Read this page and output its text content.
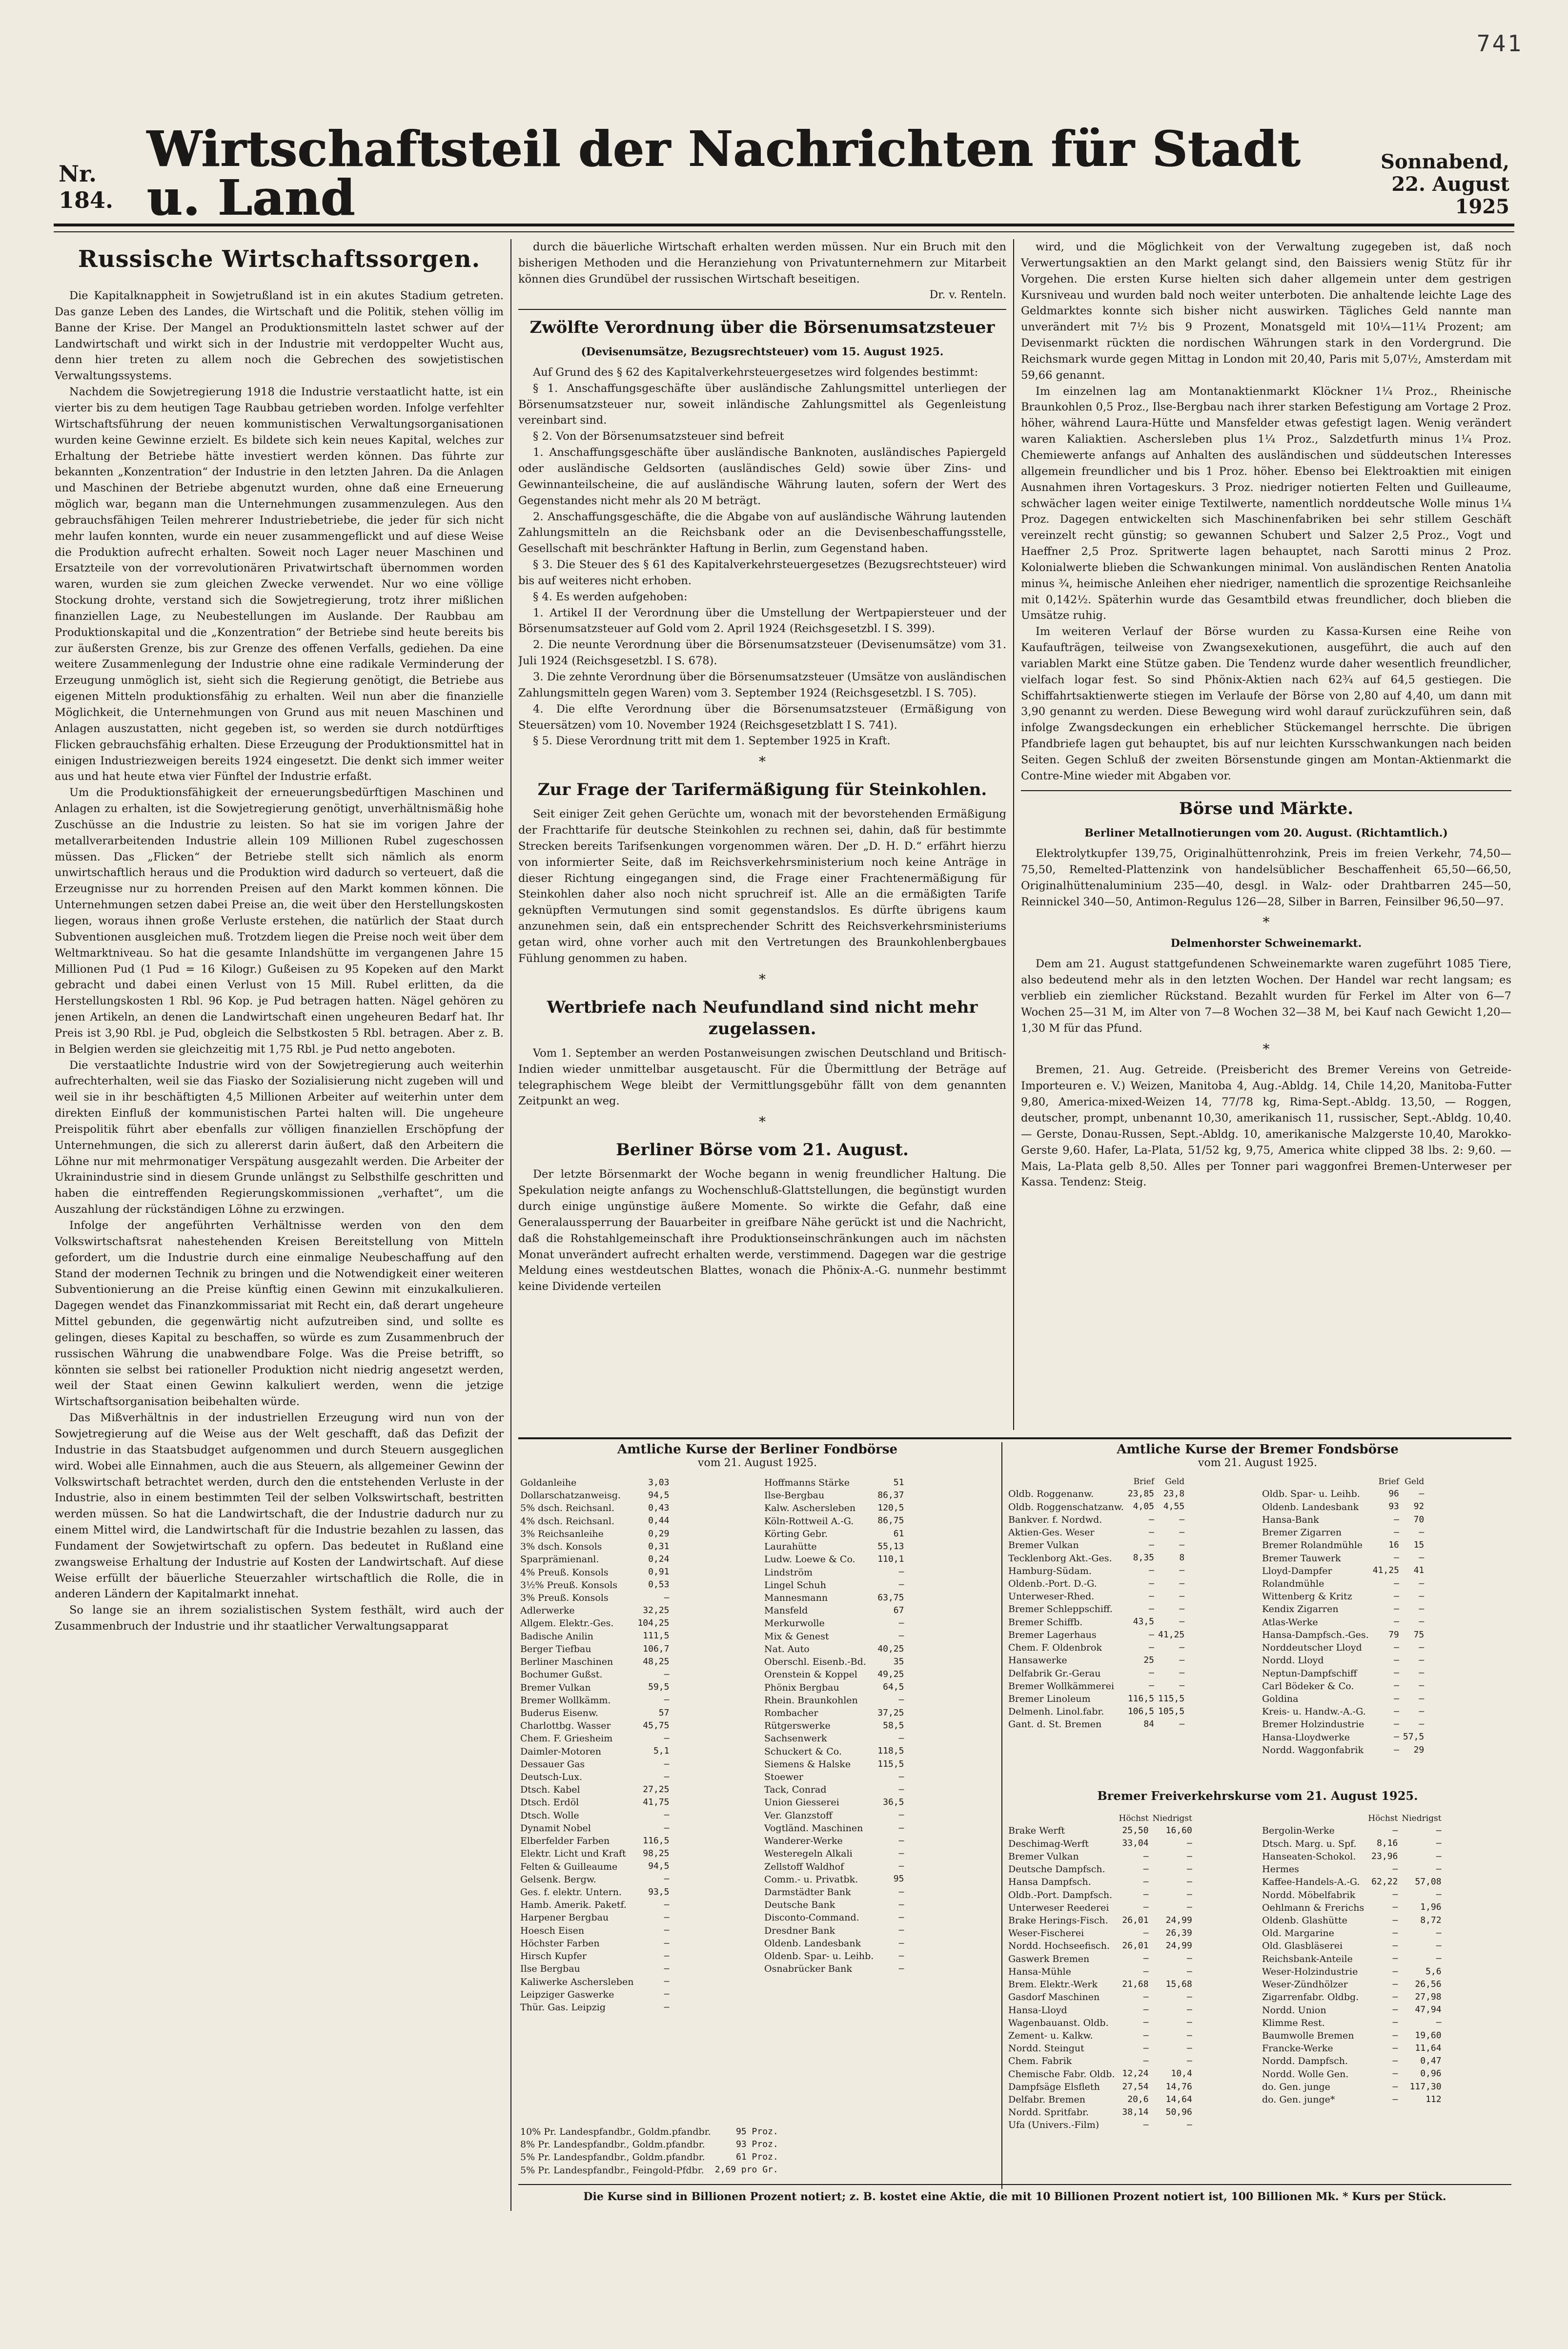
741
Nr. 184.
Wirtschaftsteil der Nachrichten für Stadt u. Land
Sonnabend,
22. August 1925
Russische Wirtschaftssorgen.

Die Kapitalknappheit in Sowjetrußland ist in ein akutes Stadium getreten. Das ganze Leben des Landes, die Wirtschaft und die Politik, stehen völlig im Banne der Krise. Der Mangel an Produktionsmitteln lastet schwer auf der Landwirtschaft und wirkt sich in der Industrie mit verdoppelter Wucht aus, denn hier treten zu allem noch die Gebrechen des sowjetistischen Verwaltungssystems.

Nachdem die Sowjetregierung 1918 die Industrie verstaatlicht hatte, ist ein vierter bis zu dem heutigen Tage Raubbau getrieben worden. Infolge verfehlter Wirtschaftsführung der neuen kommunistischen Verwaltungsorganisationen wurden keine Gewinne erzielt. Es bildete sich kein neues Kapital, welches zur Erhaltung der Betriebe hätte investiert werden können. Das führte zur bekannten „Konzentration“ der Industrie in den letzten Jahren. Da die Anlagen und Maschinen der Betriebe abgenutzt wurden, ohne daß eine Erneuerung möglich war, begann man die Unternehmungen zusammenzulegen. Aus den gebrauchsfähigen Teilen mehrerer Industriebetriebe, die jeder für sich nicht mehr laufen konnten, wurde ein neuer zusammengeflickt und auf diese Weise die Produktion aufrecht erhalten. Soweit noch Lager neuer Maschinen und Ersatzteile von der vorrevolutionären Privatwirtschaft übernommen worden waren, wurden sie zum gleichen Zwecke verwendet. Nur wo eine völlige Stockung drohte, verstand sich die Sowjetregierung, trotz ihrer mißlichen finanziellen Lage, zu Neubestellungen im Auslande. Der Raubbau am Produktionskapital und die „Konzentration“ der Betriebe sind heute bereits bis zur äußersten Grenze, bis zur Grenze des offenen Verfalls, gediehen. Da eine weitere Zusammenlegung der Industrie ohne eine radikale Verminderung der Erzeugung unmöglich ist, sieht sich die Regierung genötigt, die Betriebe aus eigenen Mitteln produktionsfähig zu erhalten. Weil nun aber die finanzielle Möglichkeit, die Unternehmungen von Grund aus mit neuen Maschinen und Anlagen auszustatten, nicht gegeben ist, so werden sie durch notdürftiges Flicken gebrauchsfähig erhalten. Diese Erzeugung der Produktionsmittel hat in einigen Industriezweigen bereits 1924 eingesetzt. Die denkt sich immer weiter aus und hat heute etwa vier Fünftel der Industrie erfaßt.

Um die Produktionsfähigkeit der erneuerungsbedürftigen Maschinen und Anlagen zu erhalten, ist die Sowjetregierung genötigt, unverhältnismäßig hohe Zuschüsse an die Industrie zu leisten. So hat sie im vorigen Jahre der metallverarbeitenden Industrie allein 109 Millionen Rubel zugeschossen müssen. Das „Flicken“ der Betriebe stellt sich nämlich als enorm unwirtschaftlich heraus und die Produktion wird dadurch so verteuert, daß die Erzeugnisse nur zu horrenden Preisen auf den Markt kommen können. Die Unternehmungen setzen dabei Preise an, die weit über den Herstellungskosten liegen, woraus ihnen große Verluste erstehen, die natürlich der Staat durch Subventionen ausgleichen muß. Trotzdem liegen die Preise noch weit über dem Weltmarktniveau. So hat die gesamte Inlandshütte im vergangenen Jahre 15 Millionen Pud (1 Pud = 16 Kilogr.) Gußeisen zu 95 Kopeken auf den Markt gebracht und dabei einen Verlust von 15 Mill. Rubel erlitten, da die Herstellungskosten 1 Rbl. 96 Kop. je Pud betragen hatten. Nägel gehören zu jenen Artikeln, an denen die Landwirtschaft einen ungeheuren Bedarf hat. Ihr Preis ist 3,90 Rbl. je Pud, obgleich die Selbstkosten 5 Rbl. betragen. Aber z. B. in Belgien werden sie gleichzeitig mit 1,75 Rbl. je Pud netto angeboten.

Die verstaatlichte Industrie wird von der Sowjetregierung auch weiterhin aufrechterhalten, weil sie das Fiasko der Sozialisierung nicht zugeben will und weil sie in ihr beschäftigten 4,5 Millionen Arbeiter auf weiterhin unter dem direkten Einfluß der kommunistischen Partei halten will. Die ungeheure Preispolitik führt aber ebenfalls zur völligen finanziellen Erschöpfung der Unternehmungen, die sich zu allererst darin äußert, daß den Arbeitern die Löhne nur mit mehrmonatiger Verspätung ausgezahlt werden. Die Arbeiter der Ukrainindustrie sind in diesem Grunde unlängst zu Selbsthilfe geschritten und haben die eintreffenden Regierungskommissionen „verhaftet“, um die Auszahlung der rückständigen Löhne zu erzwingen.

Infolge der angeführten Verhältnisse werden von den dem Volkswirtschaftsrat nahestehenden Kreisen Bereitstellung von Mitteln gefordert, um die Industrie durch eine einmalige Neubeschaffung auf den Stand der modernen Technik zu bringen und die Notwendigkeit einer weiteren Subventionierung an die Preise künftig einen Gewinn mit einzukalkulieren. Dagegen wendet das Finanzkommissariat mit Recht ein, daß derart ungeheure Mittel gebunden, die gegenwärtig nicht aufzutreiben sind, und sollte es gelingen, dieses Kapital zu beschaffen, so würde es zum Zusammenbruch der russischen Währung die unabwendbare Folge. Was die Preise betrifft, so könnten sie selbst bei rationeller Produktion nicht niedrig angesetzt werden, weil der Staat einen Gewinn kalkuliert werden, wenn die jetzige Wirtschaftsorganisation beibehalten würde.

Das Mißverhältnis in der industriellen Erzeugung wird nun von der Sowjetregierung auf die Weise aus der Welt geschafft, daß das Defizit der Industrie in das Staatsbudget aufgenommen und durch Steuern ausgeglichen wird. Wobei alle Einnahmen, auch die aus Steuern, als allgemeiner Gewinn der Volkswirtschaft betrachtet werden, durch den die entstehenden Verluste in der Industrie, also in einem bestimmten Teil der selben Volkswirtschaft, bestritten werden müssen. So hat die Landwirtschaft, die der Industrie dadurch nur zu einem Mittel wird, die Landwirtschaft für die Industrie bezahlen zu lassen, das Fundament der Sowjetwirtschaft zu opfern. Das bedeutet in Rußland eine zwangsweise Erhaltung der Industrie auf Kosten der Landwirtschaft. Auf diese Weise erfüllt der bäuerliche Steuerzahler wirtschaftlich die Rolle, die in anderen Ländern der Kapitalmarkt innehat.

So lange sie an ihrem sozialistischen System festhält, wird auch der Zusammenbruch der Industrie und ihr staatlicher Verwaltungsapparat

durch die bäuerliche Wirtschaft erhalten werden müssen. Nur ein Bruch mit den bisherigen Methoden und die Heranziehung von Privatunternehmern zur Mitarbeit können dies Grundübel der russischen Wirtschaft beseitigen.

Dr. v. Renteln.
Zwölfte Verordnung über die Börsenumsatzsteuer
(Devisenumsätze, Bezugsrechtsteuer) vom 15. August 1925.

Auf Grund des § 62 des Kapitalverkehrsteuergesetzes wird folgendes bestimmt:

§ 1. Anschaffungsgeschäfte über ausländische Zahlungsmittel unterliegen der Börsenumsatzsteuer nur, soweit inländische Zahlungsmittel als Gegenleistung vereinbart sind.

§ 2. Von der Börsenumsatzsteuer sind befreit

1. Anschaffungsgeschäfte über ausländische Banknoten, ausländisches Papiergeld oder ausländische Geldsorten (ausländisches Geld) sowie über Zins- und Gewinnanteilscheine, die auf ausländische Währung lauten, sofern der Wert des Gegenstandes nicht mehr als 20 M beträgt.

2. Anschaffungsgeschäfte, die die Abgabe von auf ausländische Währung lautenden Zahlungsmitteln an die Reichsbank oder an die Devisenbeschaffungsstelle, Gesellschaft mit beschränkter Haftung in Berlin, zum Gegenstand haben.

§ 3. Die Steuer des § 61 des Kapitalverkehrsteuergesetzes (Bezugsrechtsteuer) wird bis auf weiteres nicht erhoben.

§ 4. Es werden aufgehoben:

1. Artikel II der Verordnung über die Umstellung der Wertpapiersteuer und der Börsenumsatzsteuer auf Gold vom 2. April 1924 (Reichsgesetzbl. I S. 399).

2. Die neunte Verordnung über die Börsenumsatzsteuer (Devisenumsätze) vom 31. Juli 1924 (Reichsgesetzbl. I S. 678).

3. Die zehnte Verordnung über die Börsenumsatzsteuer (Umsätze von ausländischen Zahlungsmitteln gegen Waren) vom 3. September 1924 (Reichsgesetzbl. I S. 705).

4. Die elfte Verordnung über die Börsenumsatzsteuer (Ermäßigung von Steuersätzen) vom 10. November 1924 (Reichsgesetzblatt I S. 741).

§ 5. Diese Verordnung tritt mit dem 1. September 1925 in Kraft.

*
Zur Frage der Tarifermäßigung für Steinkohlen.

Seit einiger Zeit gehen Gerüchte um, wonach mit der bevorstehenden Ermäßigung der Frachttarife für deutsche Steinkohlen zu rechnen sei, dahin, daß für bestimmte Strecken bereits Tarifsenkungen vorgenommen wären. Der „D. H. D.“ erfährt hierzu von informierter Seite, daß im Reichsverkehrsministerium noch keine Anträge in dieser Richtung eingegangen sind, die Frage einer Frachtenermäßigung für Steinkohlen daher also noch nicht spruchreif ist. Alle an die ermäßigten Tarife geknüpften Vermutungen sind somit gegenstandslos. Es dürfte übrigens kaum anzunehmen sein, daß ein entsprechender Schritt des Reichsverkehrsministeriums getan wird, ohne vorher auch mit den Vertretungen des Braunkohlenbergbaues Fühlung genommen zu haben.

*
Wertbriefe nach Neufundland sind nicht mehr zugelassen.

Vom 1. September an werden Postanweisungen zwischen Deutschland und Britisch-Indien wieder unmittelbar ausgetauscht. Für die Übermittlung der Beträge auf telegraphischem Wege bleibt der Vermittlungsgebühr fällt von dem genannten Zeitpunkt an weg.

*
Berliner Börse vom 21. August.

Der letzte Börsenmarkt der Woche begann in wenig freundlicher Haltung. Die Spekulation neigte anfangs zu Wochenschluß-Glattstellungen, die begünstigt wurden durch einige ungünstige äußere Momente. So wirkte die Gefahr, daß eine Generalaussperrung der Bauarbeiter in greifbare Nähe gerückt ist und die Nachricht, daß die Rohstahlgemeinschaft ihre Produktionseinschränkungen auch im nächsten Monat unverändert aufrecht erhalten werde, verstimmend. Dagegen war die gestrige Meldung eines westdeutschen Blattes, wonach die Phönix-A.-G. nunmehr bestimmt keine Dividende verteilen

wird, und die Möglichkeit von der Verwaltung zugegeben ist, daß noch Verwertungsaktien an den Markt gelangt sind, den Baissiers wenig Stütz für ihr Vorgehen. Die ersten Kurse hielten sich daher allgemein unter dem gestrigen Kursniveau und wurden bald noch weiter unterboten. Die anhaltende leichte Lage des Geldmarktes konnte sich bisher nicht auswirken. Tägliches Geld nannte man unverändert mit 7½ bis 9 Prozent, Monatsgeld mit 10¼—11¼ Prozent; am Devisenmarkt rückten die nordischen Währungen stark in den Vordergrund. Die Reichsmark wurde gegen Mittag in London mit 20,40, Paris mit 5,07½, Amsterdam mit 59,66 genannt.

Im einzelnen lag am Montanaktienmarkt Klöckner 1¼ Proz., Rheinische Braunkohlen 0,5 Proz., Ilse-Bergbau nach ihrer starken Befestigung am Vortage 2 Proz. höher, während Laura-Hütte und Mansfelder etwas gefestigt lagen. Wenig verändert waren Kaliaktien. Aschersleben plus 1¼ Proz., Salzdetfurth minus 1¼ Proz. Chemiewerte anfangs auf Anhalten des ausländischen und süddeutschen Interesses allgemein freundlicher und bis 1 Proz. höher. Ebenso bei Elektroaktien mit einigen Ausnahmen ihren Vortageskurs. 3 Proz. niedriger notierten Felten und Guilleaume, schwächer lagen weiter einige Textilwerte, namentlich norddeutsche Wolle minus 1¼ Proz. Dagegen entwickelten sich Maschinenfabriken bei sehr stillem Geschäft vereinzelt recht günstig; so gewannen Schubert und Salzer 2,5 Proz., Vogt und Haeffner 2,5 Proz. Spritwerte lagen behauptet, nach Sarotti minus 2 Proz. Kolonialwerte blieben die Schwankungen minimal. Von ausländischen Renten Anatolia minus ¾, heimische Anleihen eher niedriger, namentlich die sprozentige Reichsanleihe mit 0,142½. Späterhin wurde das Gesamtbild etwas freundlicher, doch blieben die Umsätze ruhig.

Im weiteren Verlauf der Börse wurden zu Kassa-Kursen eine Reihe von Kaufaufträgen, teilweise von Zwangsexekutionen, ausgeführt, die auch auf den variablen Markt eine Stütze gaben. Die Tendenz wurde daher wesentlich freundlicher, vielfach logar fest. So sind Phönix-Aktien nach 62¾ auf 64,5 gestiegen. Die Schiffahrtsaktienwerte stiegen im Verlaufe der Börse von 2,80 auf 4,40, um dann mit 3,90 genannt zu werden. Diese Bewegung wird wohl darauf zurückzuführen sein, daß infolge Zwangsdeckungen ein erheblicher Stückemangel herrschte. Die übrigen Pfandbriefe lagen gut behauptet, bis auf nur leichten Kursschwankungen nach beiden Seiten. Gegen Schluß der zweiten Börsenstunde gingen am Montan-Aktienmarkt die Contre-Mine wieder mit Abgaben vor.

Börse und Märkte.
Berliner Metallnotierungen vom 20. August. (Richtamtlich.)

Elektrolytkupfer 139,75, Originalhüttenrohzink, Preis im freien Verkehr, 74,50—75,50, Remelted-Plattenzink von handelsüblicher Beschaffenheit 65,50—66,50, Originalhüttenaluminium 235—40, desgl. in Walz- oder Drahtbarren 245—50, Reinnickel 340—50, Antimon-Regulus 126—28, Silber in Barren, Feinsilber 96,50—97.

*
Delmenhorster Schweinemarkt.

Dem am 21. August stattgefundenen Schweinemarkte waren zugeführt 1085 Tiere, also bedeutend mehr als in den letzten Wochen. Der Handel war recht langsam; es verblieb ein ziemlicher Rückstand. Bezahlt wurden für Ferkel im Alter von 6—7 Wochen 25—31 M, im Alter von 7—8 Wochen 32—38 M, bei Kauf nach Gewicht 1,20—1,30 M für das Pfund.

*

Bremen, 21. Aug. Getreide. (Preisbericht des Bremer Vereins von Getreide-Importeuren e. V.) Weizen, Manitoba 4, Aug.-Abldg. 14, Chile 14,20, Manitoba-Futter 9,80, America-mixed-Weizen 14, 77/78 kg, Rima-Sept.-Abldg. 13,50, — Roggen, deutscher, prompt, unbenannt 10,30, amerikanisch 11, russischer, Sept.-Abldg. 10,40. — Gerste, Donau-Russen, Sept.-Abldg. 10, amerikanische Malzgerste 10,40, Marokko-Gerste 9,60. Hafer, La-Plata, 51/52 kg, 9,75, America white clipped 38 lbs. 2: 9,60. — Mais, La-Plata gelb 8,50. Alles per Tonner pari waggonfrei Bremen-Unterweser per Kassa. Tendenz: Steig.

Amtliche Kurse der Berliner Fondbörse
vom 21. August 1925.
Goldanleihe	3,03
Dollarschatzanweisg.	94,5
5% dsch. Reichsanl.	0,43
4% dsch. Reichsanl.	0,44
3% Reichsanleihe	0,29
3% dsch. Konsols	0,31
Sparprämienanl.	0,24
4% Preuß. Konsols	0,91
3½% Preuß. Konsols	0,53
3% Preuß. Konsols	—
Adlerwerke	32,25
Allgem. Elektr.-Ges.	104,25
Badische Anilin	111,5
Berger Tiefbau	106,7
Berliner Maschinen	48,25
Bochumer Gußst.	—
Bremer Vulkan	59,5
Bremer Wollkämm.	—
Buderus Eisenw.	57
Charlottbg. Wasser	45,75
Chem. F. Griesheim	—
Daimler-Motoren	5,1
Dessauer Gas	—
Deutsch-Lux.	—
Dtsch. Kabel	27,25
Dtsch. Erdöl	41,75
Dtsch. Wolle	—
Dynamit Nobel	—
Elberfelder Farben	116,5
Elektr. Licht und Kraft	98,25
Felten & Guilleaume	94,5
Gelsenk. Bergw.	—
Ges. f. elektr. Untern.	93,5
Hamb. Amerik. Paketf.	—
Harpener Bergbau	—
Hoesch Eisen	—
Höchster Farben	—
Hirsch Kupfer	—
Ilse Bergbau	—
Kaliwerke Aschersleben	—
Leipziger Gaswerke	—
Thür. Gas. Leipzig	—
Hoffmanns Stärke	51
Ilse-Bergbau	86,37
Kalw. Aschersleben	120,5
Köln-Rottweil A.-G.	86,75
Körting Gebr.	61
Laurahütte	55,13
Ludw. Loewe & Co.	110,1
Lindström	—
Lingel Schuh	—
Mannesmann	63,75
Mansfeld	67
Merkurwolle	—
Mix & Genest	—
Nat. Auto	40,25
Oberschl. Eisenb.-Bd.	35
Orenstein & Koppel	49,25
Phönix Bergbau	64,5
Rhein. Braunkohlen	—
Rombacher	37,25
Rütgerswerke	58,5
Sachsenwerk	—
Schuckert & Co.	118,5
Siemens & Halske	115,5
Stoewer	—
Tack, Conrad	—
Union Giesserei	36,5
Ver. Glanzstoff	—
Vogtländ. Maschinen	—
Wanderer-Werke	—
Westeregeln Alkali	—
Zellstoff Waldhof	—
Comm.- u. Privatbk.	95
Darmstädter Bank	—
Deutsche Bank	—
Disconto-Command.	—
Dresdner Bank	—
Oldenb. Landesbank	—
Oldenb. Spar- u. Leihb.	—
Osnabrücker Bank	—
10% Pr. Landespfandbr., Goldm.pfandbr.	95 Proz.
8% Pr. Landespfandbr., Goldm.pfandbr.	93 Proz.
5% Pr. Landespfandbr., Goldm.pfandbr.	61 Proz.
5% Pr. Landespfandbr., Feingold-Pfdbr.	2,69 pro Gr.
Amtliche Kurse der Bremer Fondsbörse
vom 21. August 1925.
	Brief	Geld
Oldb. Roggenanw.	23,85	23,8
Oldb. Roggenschatzanw.	4,05	4,55
Bankver. f. Nordwd.	—	—
Aktien-Ges. Weser	—	—
Bremer Vulkan	—	—
Tecklenborg Akt.-Ges.	8,35	8
Hamburg-Südam.	—	—
Oldenb.-Port. D.-G.	—	—
Unterweser-Rhed.	—	—
Bremer Schleppschiff.	—	—
Bremer Schiffb.	43,5	—
Bremer Lagerhaus	—	41,25
Chem. F. Oldenbrok	—	—
Hansawerke	25	—
Delfabrik Gr.-Gerau	—	—
Bremer Wollkämmerei	—	—
Bremer Linoleum	116,5	115,5
Delmenh. Linol.fabr.	106,5	105,5
Gant. d. St. Bremen	84	—
	Brief	Geld
Oldb. Spar- u. Leihb.	96	—
Oldenb. Landesbank	93	92
Hansa-Bank	—	70
Bremer Zigarren	—	—
Bremer Rolandmühle	16	15
Bremer Tauwerk	—	—
Lloyd-Dampfer	41,25	41
Rolandmühle	—	—
Wittenberg & Kritz	—	—
Kendix Zigarren	—	—
Atlas-Werke	—	—
Hansa-Dampfsch.-Ges.	79	75
Norddeutscher Lloyd	—	—
Nordd. Lloyd	—	—
Neptun-Dampfschiff	—	—
Carl Bödeker & Co.	—	—
Goldina	—	—
Kreis- u. Handw.-A.-G.	—	—
Bremer Holzindustrie	—	—
Hansa-Lloydwerke	—	57,5
Nordd. Waggonfabrik	—	29
Bremer Freiverkehrskurse vom 21. August 1925.
	Höchst	Niedrigst
Brake Werft	25,50	16,60
Deschimag-Werft	33,04	—
Bremer Vulkan	—	—
Deutsche Dampfsch.	—	—
Hansa Dampfsch.	—	—
Oldb.-Port. Dampfsch.	—	—
Unterweser Reederei	—	—
Brake Herings-Fisch.	26,01	24,99
Weser-Fischerei	—	26,39
Nordd. Hochseefisch.	26,01	24,99
Gaswerk Bremen	—	—
Hansa-Mühle	—	—
Brem. Elektr.-Werk	21,68	15,68
Gasdorf Maschinen	—	—
Hansa-Lloyd	—	—
Wagenbauanst. Oldb.	—	—
Zement- u. Kalkw.	—	—
Nordd. Steingut	—	—
Chem. Fabrik	—	—
Chemische Fabr. Oldb.	12,24	10,4
Dampfsäge Elsfleth	27,54	14,76
Delfabr. Bremen	20,6	14,64
Nordd. Spritfabr.	38,14	50,96
Ufa (Univers.-Film)	—	—
	Höchst	Niedrigst
Bergolin-Werke	—	—
Dtsch. Marg. u. Spf.	8,16	—
Hanseaten-Schokol.	23,96	—
Hermes	—	—
Kaffee-Handels-A.-G.	62,22	57,08
Nordd. Möbelfabrik	—	—
Oehlmann & Frerichs	—	1,96
Oldenb. Glashütte	—	8,72
Old. Margarine	—	—
Old. Glasbläserei	—	—
Reichsbank-Anteile	—	—
Weser-Holzindustrie	—	5,6
Weser-Zündhölzer	—	26,56
Zigarrenfabr. Oldbg.	—	27,98
Nordd. Union	—	47,94
Klimme Rest.	—	—
Baumwolle Bremen	—	19,60
Francke-Werke	—	11,64
Nordd. Dampfsch.	—	0,47
Nordd. Wolle Gen.	—	0,96
do. Gen. junge	—	117,30
do. Gen. junge*	—	112
Die Kurse sind in Billionen Prozent notiert; z. B. kostet eine Aktie, die mit 10 Billionen Prozent notiert ist, 100 Billionen Mk. * Kurs per Stück.
